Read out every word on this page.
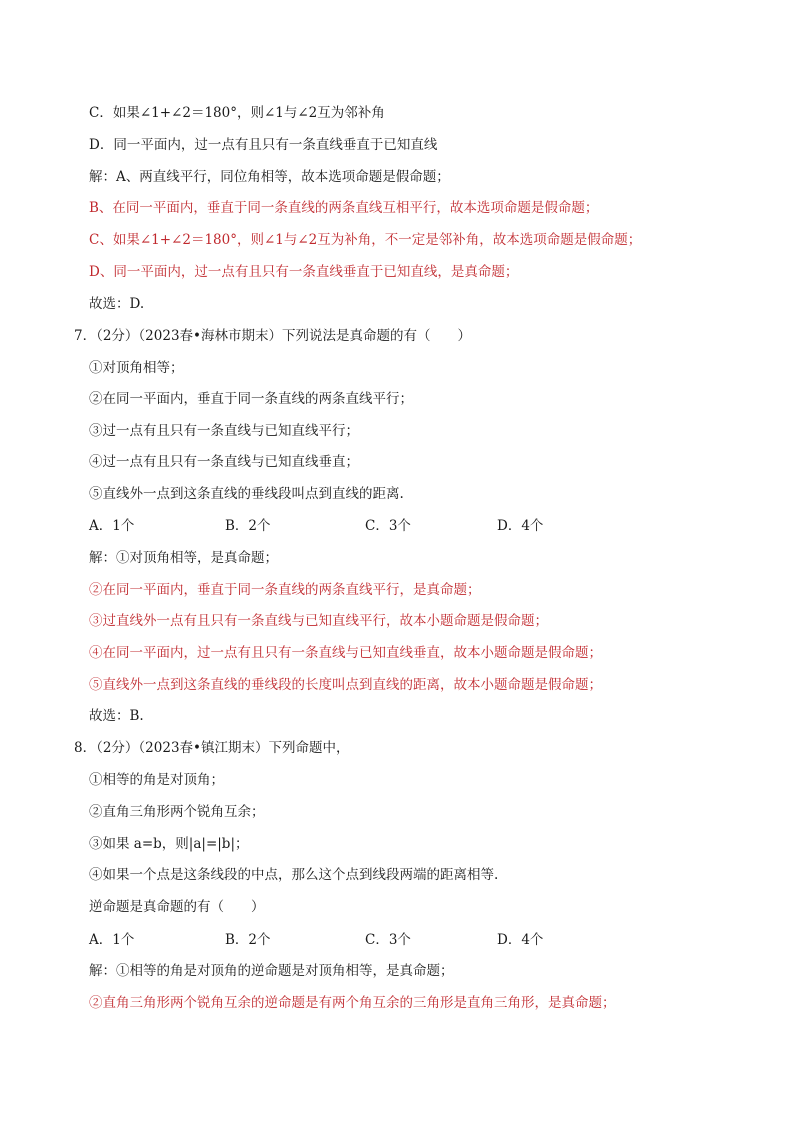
C．如果∠1+∠2＝180°，则∠1与∠2互为邻补角
D．同一平面内，过一点有且只有一条直线垂直于已知直线
解：A、两直线平行，同位角相等，故本选项命题是假命题；
B、在同一平面内，垂直于同一条直线的两条直线互相平行，故本选项命题是假命题；
C、如果∠1+∠2＝180°，则∠1与∠2互为补角，不一定是邻补角，故本选项命题是假命题；
D、同一平面内，过一点有且只有一条直线垂直于已知直线，是真命题；
故选：D.
7．（2分）（2023春•海林市期末）下列说法是真命题的有（　　）
①对顶角相等；
②在同一平面内，垂直于同一条直线的两条直线平行；
③过一点有且只有一条直线与已知直线平行；
④过一点有且只有一条直线与已知直线垂直；
⑤直线外一点到这条直线的垂线段叫点到直线的距离.
A．1个	B．2个	C．3个	D．4个
解：①对顶角相等，是真命题；
②在同一平面内，垂直于同一条直线的两条直线平行，是真命题；
③过直线外一点有且只有一条直线与已知直线平行，故本小题命题是假命题；
④在同一平面内，过一点有且只有一条直线与已知直线垂直，故本小题命题是假命题；
⑤直线外一点到这条直线的垂线段的长度叫点到直线的距离，故本小题命题是假命题；
故选：B.
8．（2分）（2023春•镇江期末）下列命题中，
①相等的角是对顶角；
②直角三角形两个锐角互余；
③如果 a=b，则|a|=|b|；
④如果一个点是这条线段的中点，那么这个点到线段两端的距离相等.
逆命题是真命题的有（　　）
A．1个	B．2个	C．3个	D．4个
解：①相等的角是对顶角的逆命题是对顶角相等，是真命题；
②直角三角形两个锐角互余的逆命题是有两个角互余的三角形是直角三角形，是真命题；
